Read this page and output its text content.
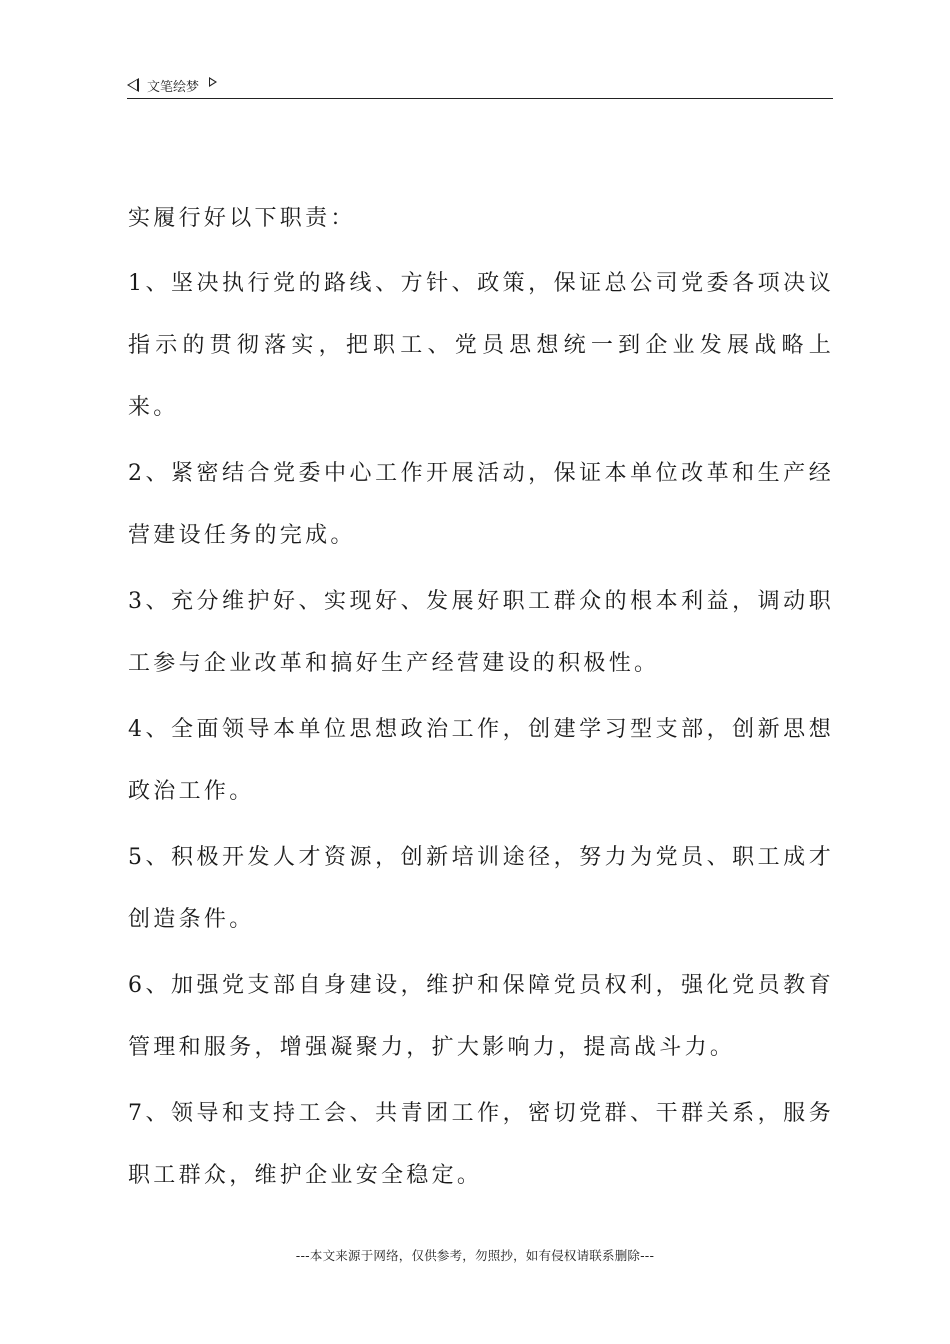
文笔绘梦

实履行好以下职责：

1、坚决执行党的路线、方针、政策，保证总公司党委各项决议指示的贯彻落实，把职工、党员思想统一到企业发展战略上来。

2、紧密结合党委中心工作开展活动，保证本单位改革和生产经营建设任务的完成。

3、充分维护好、实现好、发展好职工群众的根本利益，调动职工参与企业改革和搞好生产经营建设的积极性。

4、全面领导本单位思想政治工作，创建学习型支部，创新思想政治工作。

5、积极开发人才资源，创新培训途径，努力为党员、职工成才创造条件。

6、加强党支部自身建设，维护和保障党员权利，强化党员教育管理和服务，增强凝聚力，扩大影响力，提高战斗力。

7、领导和支持工会、共青团工作，密切党群、干群关系，服务职工群众，维护企业安全稳定。

---本文来源于网络，仅供参考，勿照抄，如有侵权请联系删除---
